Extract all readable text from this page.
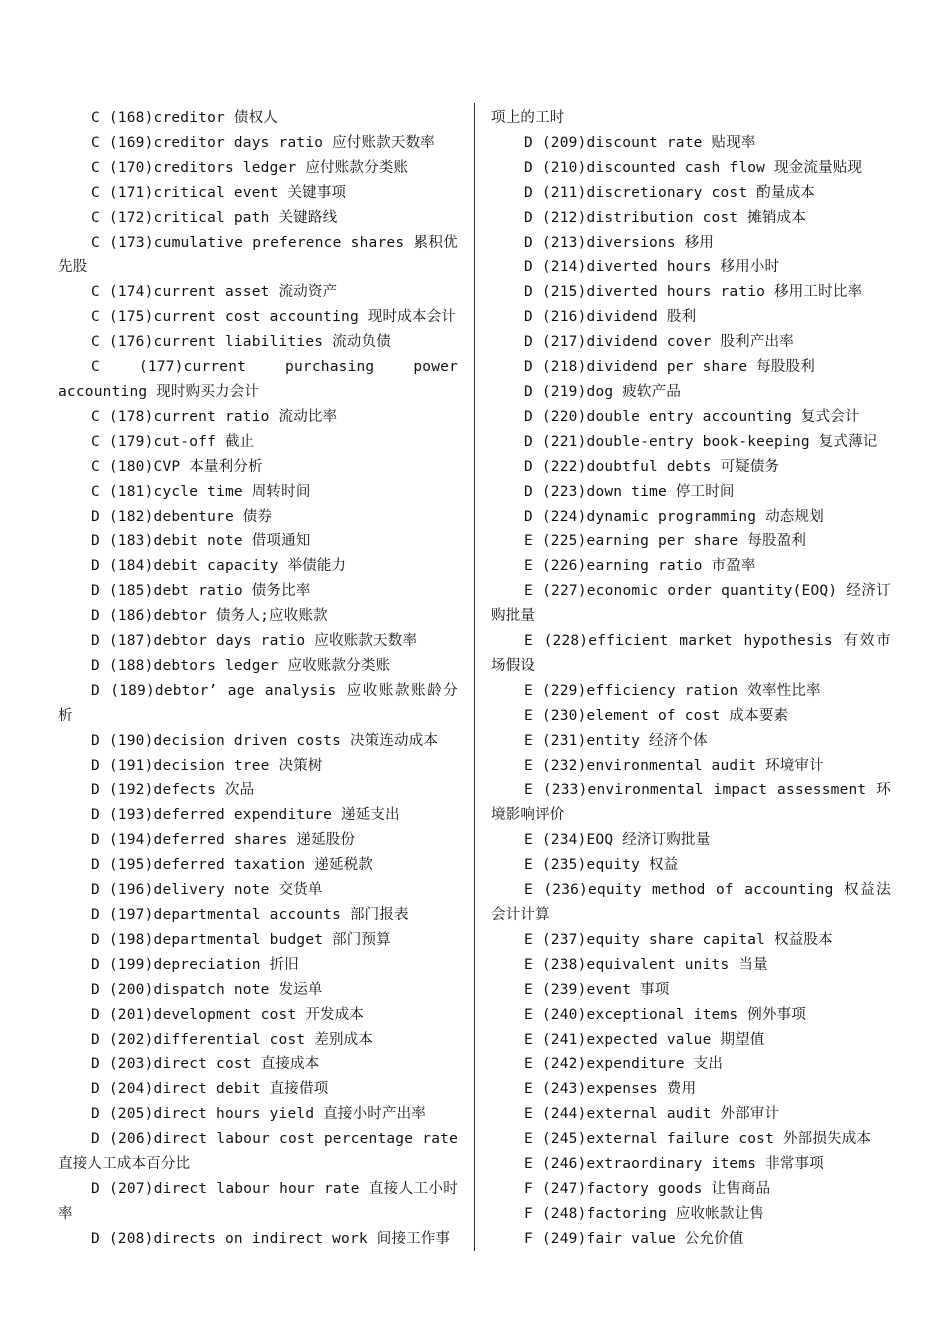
C (168)creditor 债权人
C (169)creditor days ratio 应付账款天数率
C (170)creditors ledger 应付账款分类账
C (171)critical event 关键事项
C (172)critical path 关键路线
C (173)cumulative preference shares 累积优先股
C (174)current asset 流动资产
C (175)current cost accounting 现时成本会计
C (176)current liabilities 流动负债
C (177)current purchasing power accounting 现时购买力会计
C (178)current ratio 流动比率
C (179)cut-off 截止
C (180)CVP 本量利分析
C (181)cycle time 周转时间
D (182)debenture 债券
D (183)debit note 借项通知
D (184)debit capacity 举债能力
D (185)debt ratio 债务比率
D (186)debtor 债务人;应收账款
D (187)debtor days ratio 应收账款天数率
D (188)debtors ledger 应收账款分类账
D (189)debtor’ age analysis 应收账款账龄分析
D (190)decision driven costs 决策连动成本
D (191)decision tree 决策树
D (192)defects 次品
D (193)deferred expenditure 递延支出
D (194)deferred shares 递延股份
D (195)deferred taxation 递延税款
D (196)delivery note 交货单
D (197)departmental accounts 部门报表
D (198)departmental budget 部门预算
D (199)depreciation 折旧
D (200)dispatch note 发运单
D (201)development cost 开发成本
D (202)differential cost 差别成本
D (203)direct cost 直接成本
D (204)direct debit 直接借项
D (205)direct hours yield 直接小时产出率
D (206)direct labour cost percentage rate 直接人工成本百分比
D (207)direct labour hour rate 直接人工小时率
D (208)directs on indirect work 间接工作事
项上的工时
D (209)discount rate 贴现率
D (210)discounted cash flow 现金流量贴现
D (211)discretionary cost 酌量成本
D (212)distribution cost 摊销成本
D (213)diversions 移用
D (214)diverted hours 移用小时
D (215)diverted hours ratio 移用工时比率
D (216)dividend 股利
D (217)dividend cover 股利产出率
D (218)dividend per share 每股股利
D (219)dog 疲软产品
D (220)double entry accounting 复式会计
D (221)double-entry book-keeping 复式薄记
D (222)doubtful debts 可疑债务
D (223)down time 停工时间
D (224)dynamic programming 动态规划
E (225)earning per share 每股盈利
E (226)earning ratio 市盈率
E (227)economic order quantity(EOQ) 经济订购批量
E (228)efficient market hypothesis 有效市场假设
E (229)efficiency ration 效率性比率
E (230)element of cost 成本要素
E (231)entity 经济个体
E (232)environmental audit 环境审计
E (233)environmental impact assessment 环境影响评价
E (234)EOQ 经济订购批量
E (235)equity 权益
E (236)equity method of accounting 权益法会计计算
E (237)equity share capital 权益股本
E (238)equivalent units 当量
E (239)event 事项
E (240)exceptional items 例外事项
E (241)expected value 期望值
E (242)expenditure 支出
E (243)expenses 费用
E (244)external audit 外部审计
E (245)external failure cost 外部损失成本
E (246)extraordinary items 非常事项
F (247)factory goods 让售商品
F (248)factoring 应收帐款让售
F (249)fair value 公允价值
